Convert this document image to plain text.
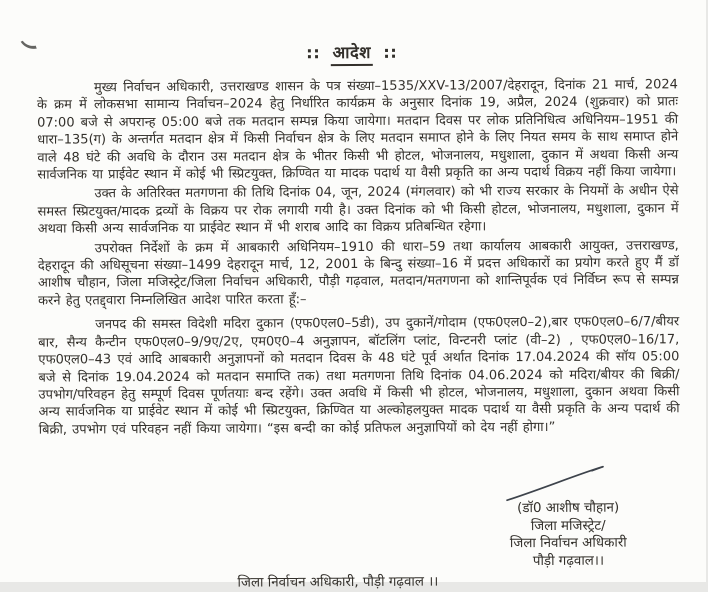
:: आदेश ::

मुख्य निर्वाचन अधिकारी, उत्तराखण्ड शासन के पत्र संख्या–1535/XXV-13/2007/देहरादून, दिनांक 21 मार्च, 2024 के क्रम में लोकसभा सामान्य निर्वाचन–2024 हेतु निर्धारित कार्यक्रम के अनुसार दिनांक 19, अप्रैल, 2024 (शुक्रवार) को प्रातः 07:00 बजे से अपरान्ह 05:00 बजे तक मतदान सम्पन्न किया जायेगा। मतदान दिवस पर लोक प्रतिनिधित्व अधिनियम–1951 की धारा–135(ग) के अन्तर्गत मतदान क्षेत्र में किसी निर्वाचन क्षेत्र के लिए मतदान समाप्त होने के लिए नियत समय के साथ समाप्त होने वाले 48 घंटे की अवधि के दौरान उस मतदान क्षेत्र के भीतर किसी भी होटल, भोजनालय, मधुशाला, दुकान में अथवा किसी अन्य सार्वजनिक या प्राईवेट स्थान में कोई भी स्प्रिटयुक्त, क्रिण्वित या मादक पदार्थ या वैसी प्रकृति का अन्य पदार्थ विक्रय नहीं किया जायेगा।

उक्त के अतिरिक्त मतगणना की तिथि दिनांक 04, जून, 2024 (मंगलवार) को भी राज्य सरकार के नियमों के अधीन ऐसे समस्त स्प्रिटयुक्त/मादक द्रव्यों के विक्रय पर रोक लगायी गयी है। उक्त दिनांक को भी किसी होटल, भोजनालय, मधुशाला, दुकान में अथवा किसी अन्य सार्वजनिक या प्राईवेट स्थान में भी शराब आदि का विक्रय प्रतिबन्धित रहेगा।

उपरोक्त निर्देशों के क्रम में आबकारी अधिनियम–1910 की धारा–59 तथा कार्यालय आबकारी आयुक्त, उत्तराखण्ड, देहरादून की अधिसूचना संख्या–1499 देहरादून मार्च, 12, 2001 के बिन्दु संख्या–16 में प्रदत्त अधिकारों का प्रयोग करते हुए मैं डॉ आशीष चौहान, जिला मजिस्ट्रेट/जिला निर्वाचन अधिकारी, पौड़ी गढ़वाल, मतदान/मतगणना को शान्तिपूर्वक एवं निर्विघ्न रूप से सम्पन्न करने हेतु एतद्द्वारा निम्नलिखित आदेश पारित करता हूँ:–

जनपद की समस्त विदेशी मदिरा दुकान (एफ0एल0–5डी), उप दुकानें/गोदाम (एफ0एल0–2),बार एफ0एल0–6/7/बीयर बार, सैन्य कैन्टीन एफ0एल0–9/9ए/2ए, एम0ए0–4 अनुज्ञापन, बॉटलिंग प्लांट, विन्टनरी प्लांट (वी–2) , एफ0एल0–16/17, एफ0एल0–43 एवं आदि आबकारी अनुज्ञापनों को मतदान दिवस के 48 घंटे पूर्व अर्थात दिनांक 17.04.2024 की सॉय 05:00 बजे से दिनांक 19.04.2024 को मतदान समाप्ति तक) तथा मतगणना तिथि दिनांक 04.06.2024 को मदिरा/बीयर की बिक्री/उपभोग/परिवहन हेतु सम्पूर्ण दिवस पूर्णतयाः बन्द रहेंगे। उक्त अवधि में किसी भी होटल, भोजनालय, मधुशाला, दुकान अथवा किसी अन्य सार्वजनिक या प्राईवेट स्थान में कोई भी स्प्रिटयुक्त, क्रिण्वित या अल्कोहलयुक्त मादक पदार्थ या वैसी प्रकृति के अन्य पदार्थ की बिक्री, उपभोग एवं परिवहन नहीं किया जायेगा। “इस बन्दी का कोई प्रतिफल अनुज्ञापियों को देय नहीं होगा।”

(डॉ0 आशीष चौहान)
जिला मजिस्ट्रेट/
जिला निर्वाचन अधिकारी
पौड़ी गढ़वाल।।
जिला निर्वाचन अधिकारी, पौड़ी गढ़वाल ।।
